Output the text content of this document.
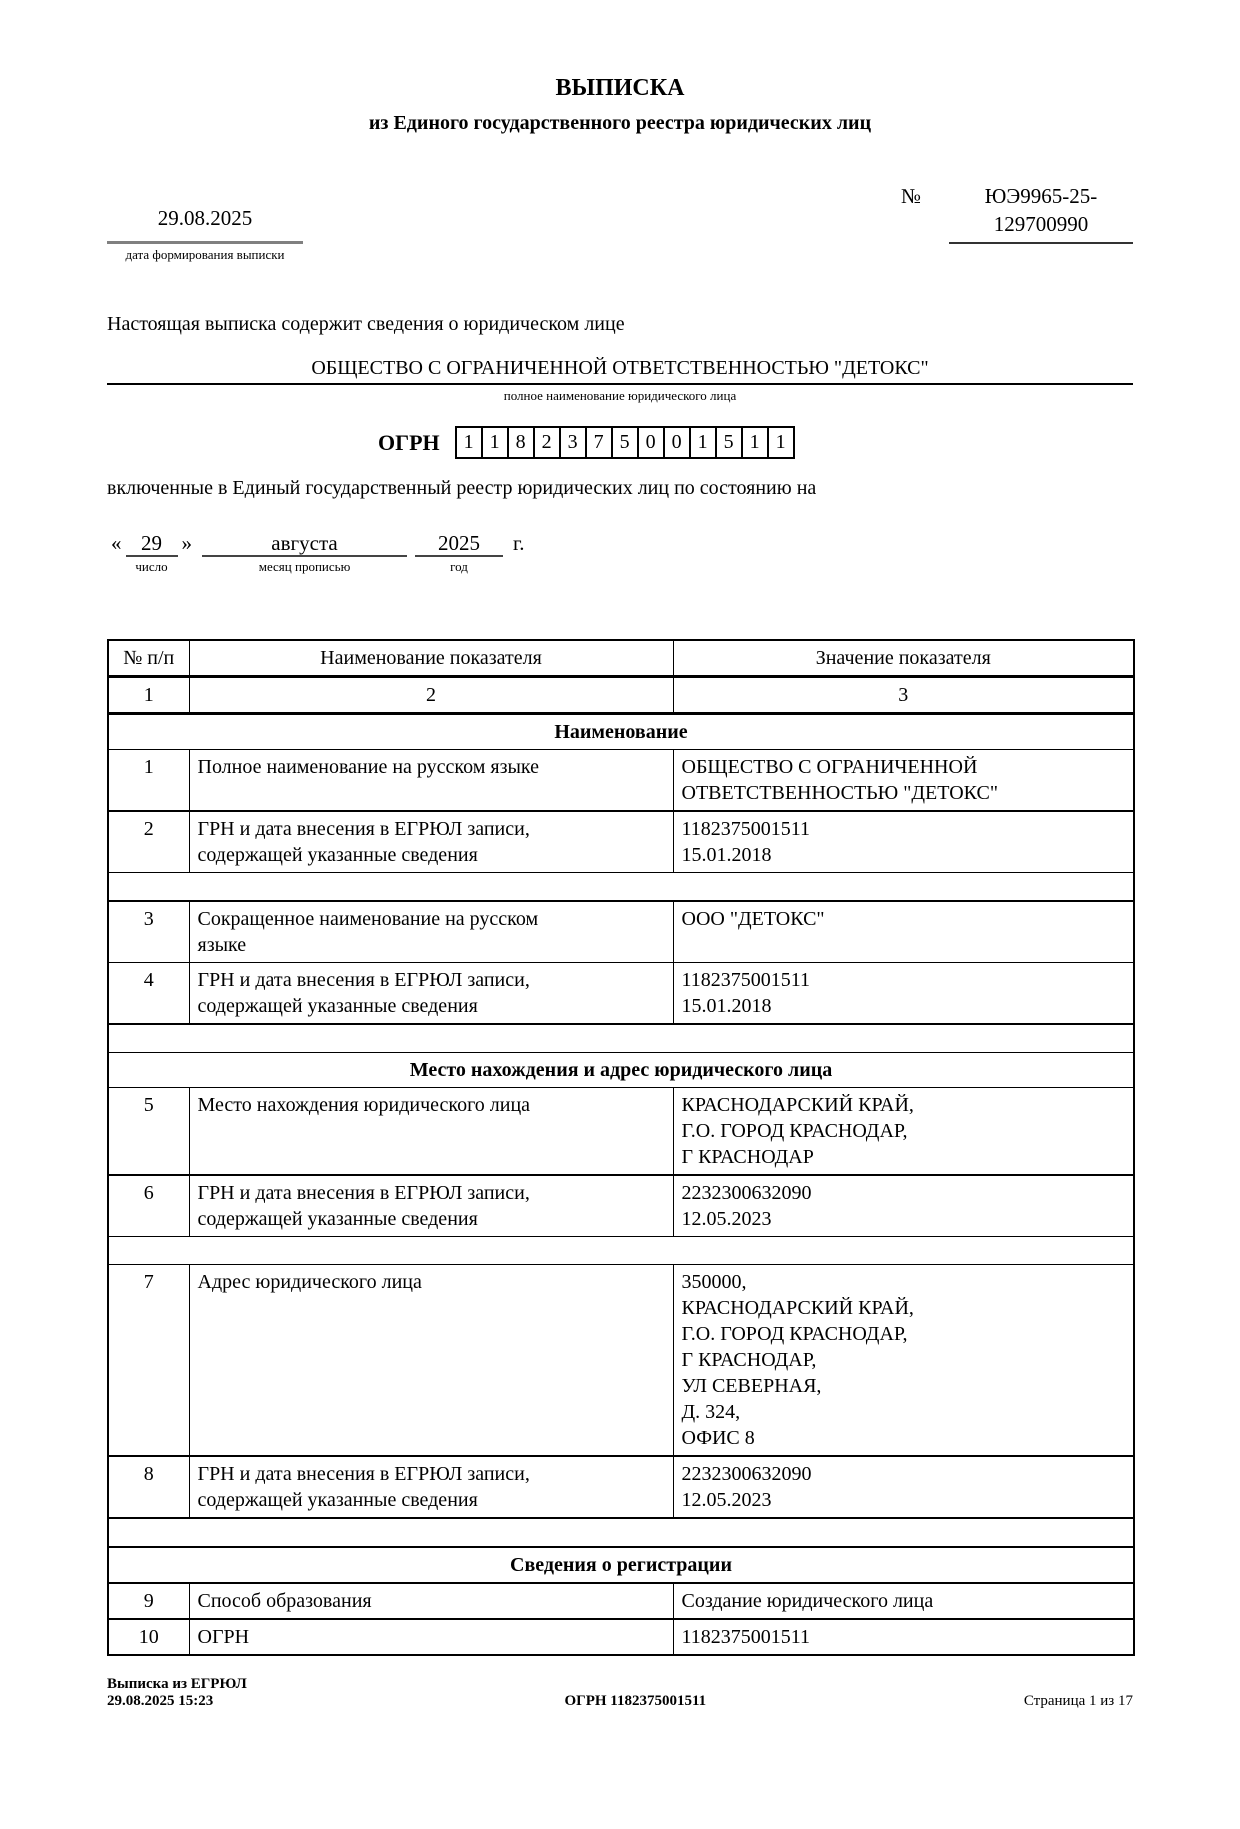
ВЫПИСКА
из Единого государственного реестра юридических лиц
29.08.2025
дата формирования выписки
№	ЮЭ9965-25-
129700990
Настоящая выписка содержит сведения о юридическом лице
ОБЩЕСТВО С ОГРАНИЧЕННОЙ ОТВЕТСТВЕННОСТЬЮ "ДЕТОКС"
полное наименование юридического лица
ОГРН	1 1 8 2 3 7 5 0 0 1 5 1 1
включенные в Единый государственный реестр юридических лиц по состоянию на
« 29
число
»	августа
месяц прописью
2025
год
г.
№ п/п	Наименование показателя	Значение показателя
1	2	3
Наименование		
1	Полное наименование на русском языке	ОБЩЕСТВО С ОГРАНИЧЕННОЙ
ОТВЕТСТВЕННОСТЬЮ "ДЕТОКС"
2	ГРН и дата внесения в ЕГРЮЛ записи,
содержащей указанные сведения	1182375001511
15.01.2018

3	Сокращенное наименование на русском
языке	ООО "ДЕТОКС"
4	ГРН и дата внесения в ЕГРЮЛ записи,
содержащей указанные сведения	1182375001511
15.01.2018

Место нахождения и адрес юридического лица		
5	Место нахождения юридического лица	КРАСНОДАРСКИЙ КРАЙ,
Г.О. ГОРОД КРАСНОДАР,
Г КРАСНОДАР
6	ГРН и дата внесения в ЕГРЮЛ записи,
содержащей указанные сведения	2232300632090
12.05.2023

7	Адрес юридического лица	350000,
КРАСНОДАРСКИЙ КРАЙ,
Г.О. ГОРОД КРАСНОДАР,
Г КРАСНОДАР,
УЛ СЕВЕРНАЯ,
Д. 324,
ОФИС 8
8	ГРН и дата внесения в ЕГРЮЛ записи,
содержащей указанные сведения	2232300632090
12.05.2023

Сведения о регистрации		
9	Способ образования	Создание юридического лица
10	ОГРН	1182375001511
Выписка из ЕГРЮЛ
29.08.2025 15:23	ОГРН 1182375001511	Страница 1 из 17
